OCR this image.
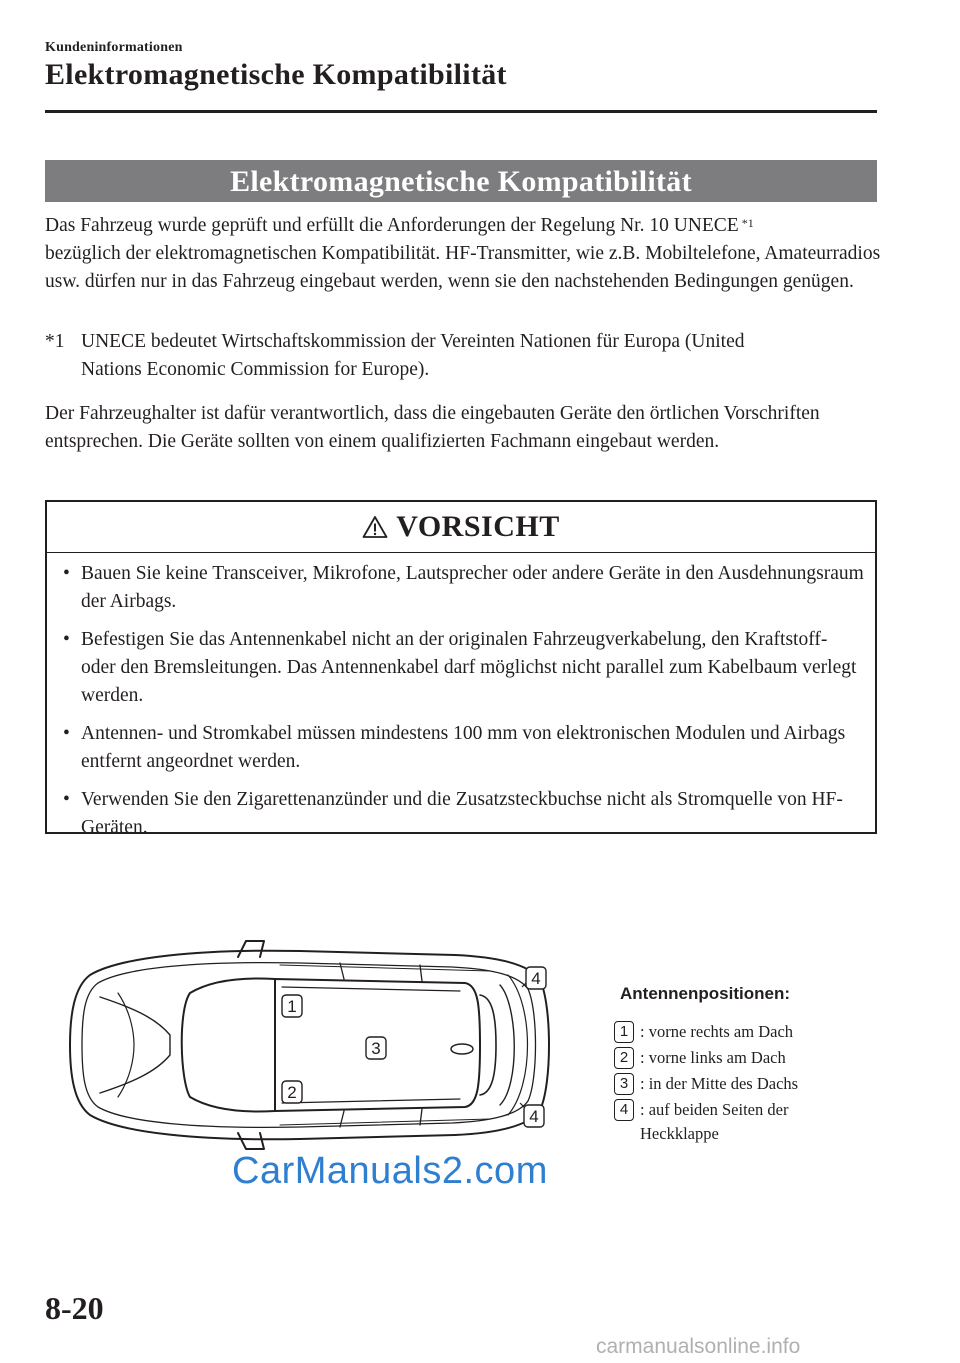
Kundeninformationen
Elektromagnetische Kompatibilität
Elektromagnetische Kompatibilität
Das Fahrzeug wurde geprüft und erfüllt die Anforderungen der Regelung Nr. 10 UNECE $^{*1}$
bezüglich der elektromagnetischen Kompatibilität. HF-Transmitter, wie z.B. Mobiltelefone, Amateurradios usw. dürfen nur in das Fahrzeug eingebaut werden, wenn sie den nachstehenden Bedingungen genügen.
*1 UNECE bedeutet Wirtschaftskommission der Vereinten Nationen für Europa (United
Nations Economic Commission for Europe).
Der Fahrzeughalter ist dafür verantwortlich, dass die eingebauten Geräte den örtlichen Vorschriften entsprechen. Die Geräte sollten von einem qualifizierten Fachmann eingebaut werden.
VORSICHT
• Bauen Sie keine Transceiver, Mikrofone, Lautsprecher oder andere Geräte in den Ausdehnungsraum der Airbags.
• Befestigen Sie das Antennenkabel nicht an der originalen Fahrzeugverkabelung, den Kraftstoff- oder den Bremsleitungen. Das Antennenkabel darf möglichst nicht parallel zum Kabelbaum verlegt werden.
• Antennen- und Stromkabel müssen mindestens 100 mm von elektronischen Modulen und Airbags entfernt angeordnet werden.
• Verwenden Sie den Zigarettenanzünder und die Zusatzsteckbuchse nicht als Stromquelle von HF-Geräten.
1
2
3
4
4
Antennenpositionen:
1 : vorne rechts am Dach
2 : vorne links am Dach
3 : in der Mitte des Dachs
4 : auf beiden Seiten der Heckklappe
CarManuals2.com
8-20
carmanualsonline.info
